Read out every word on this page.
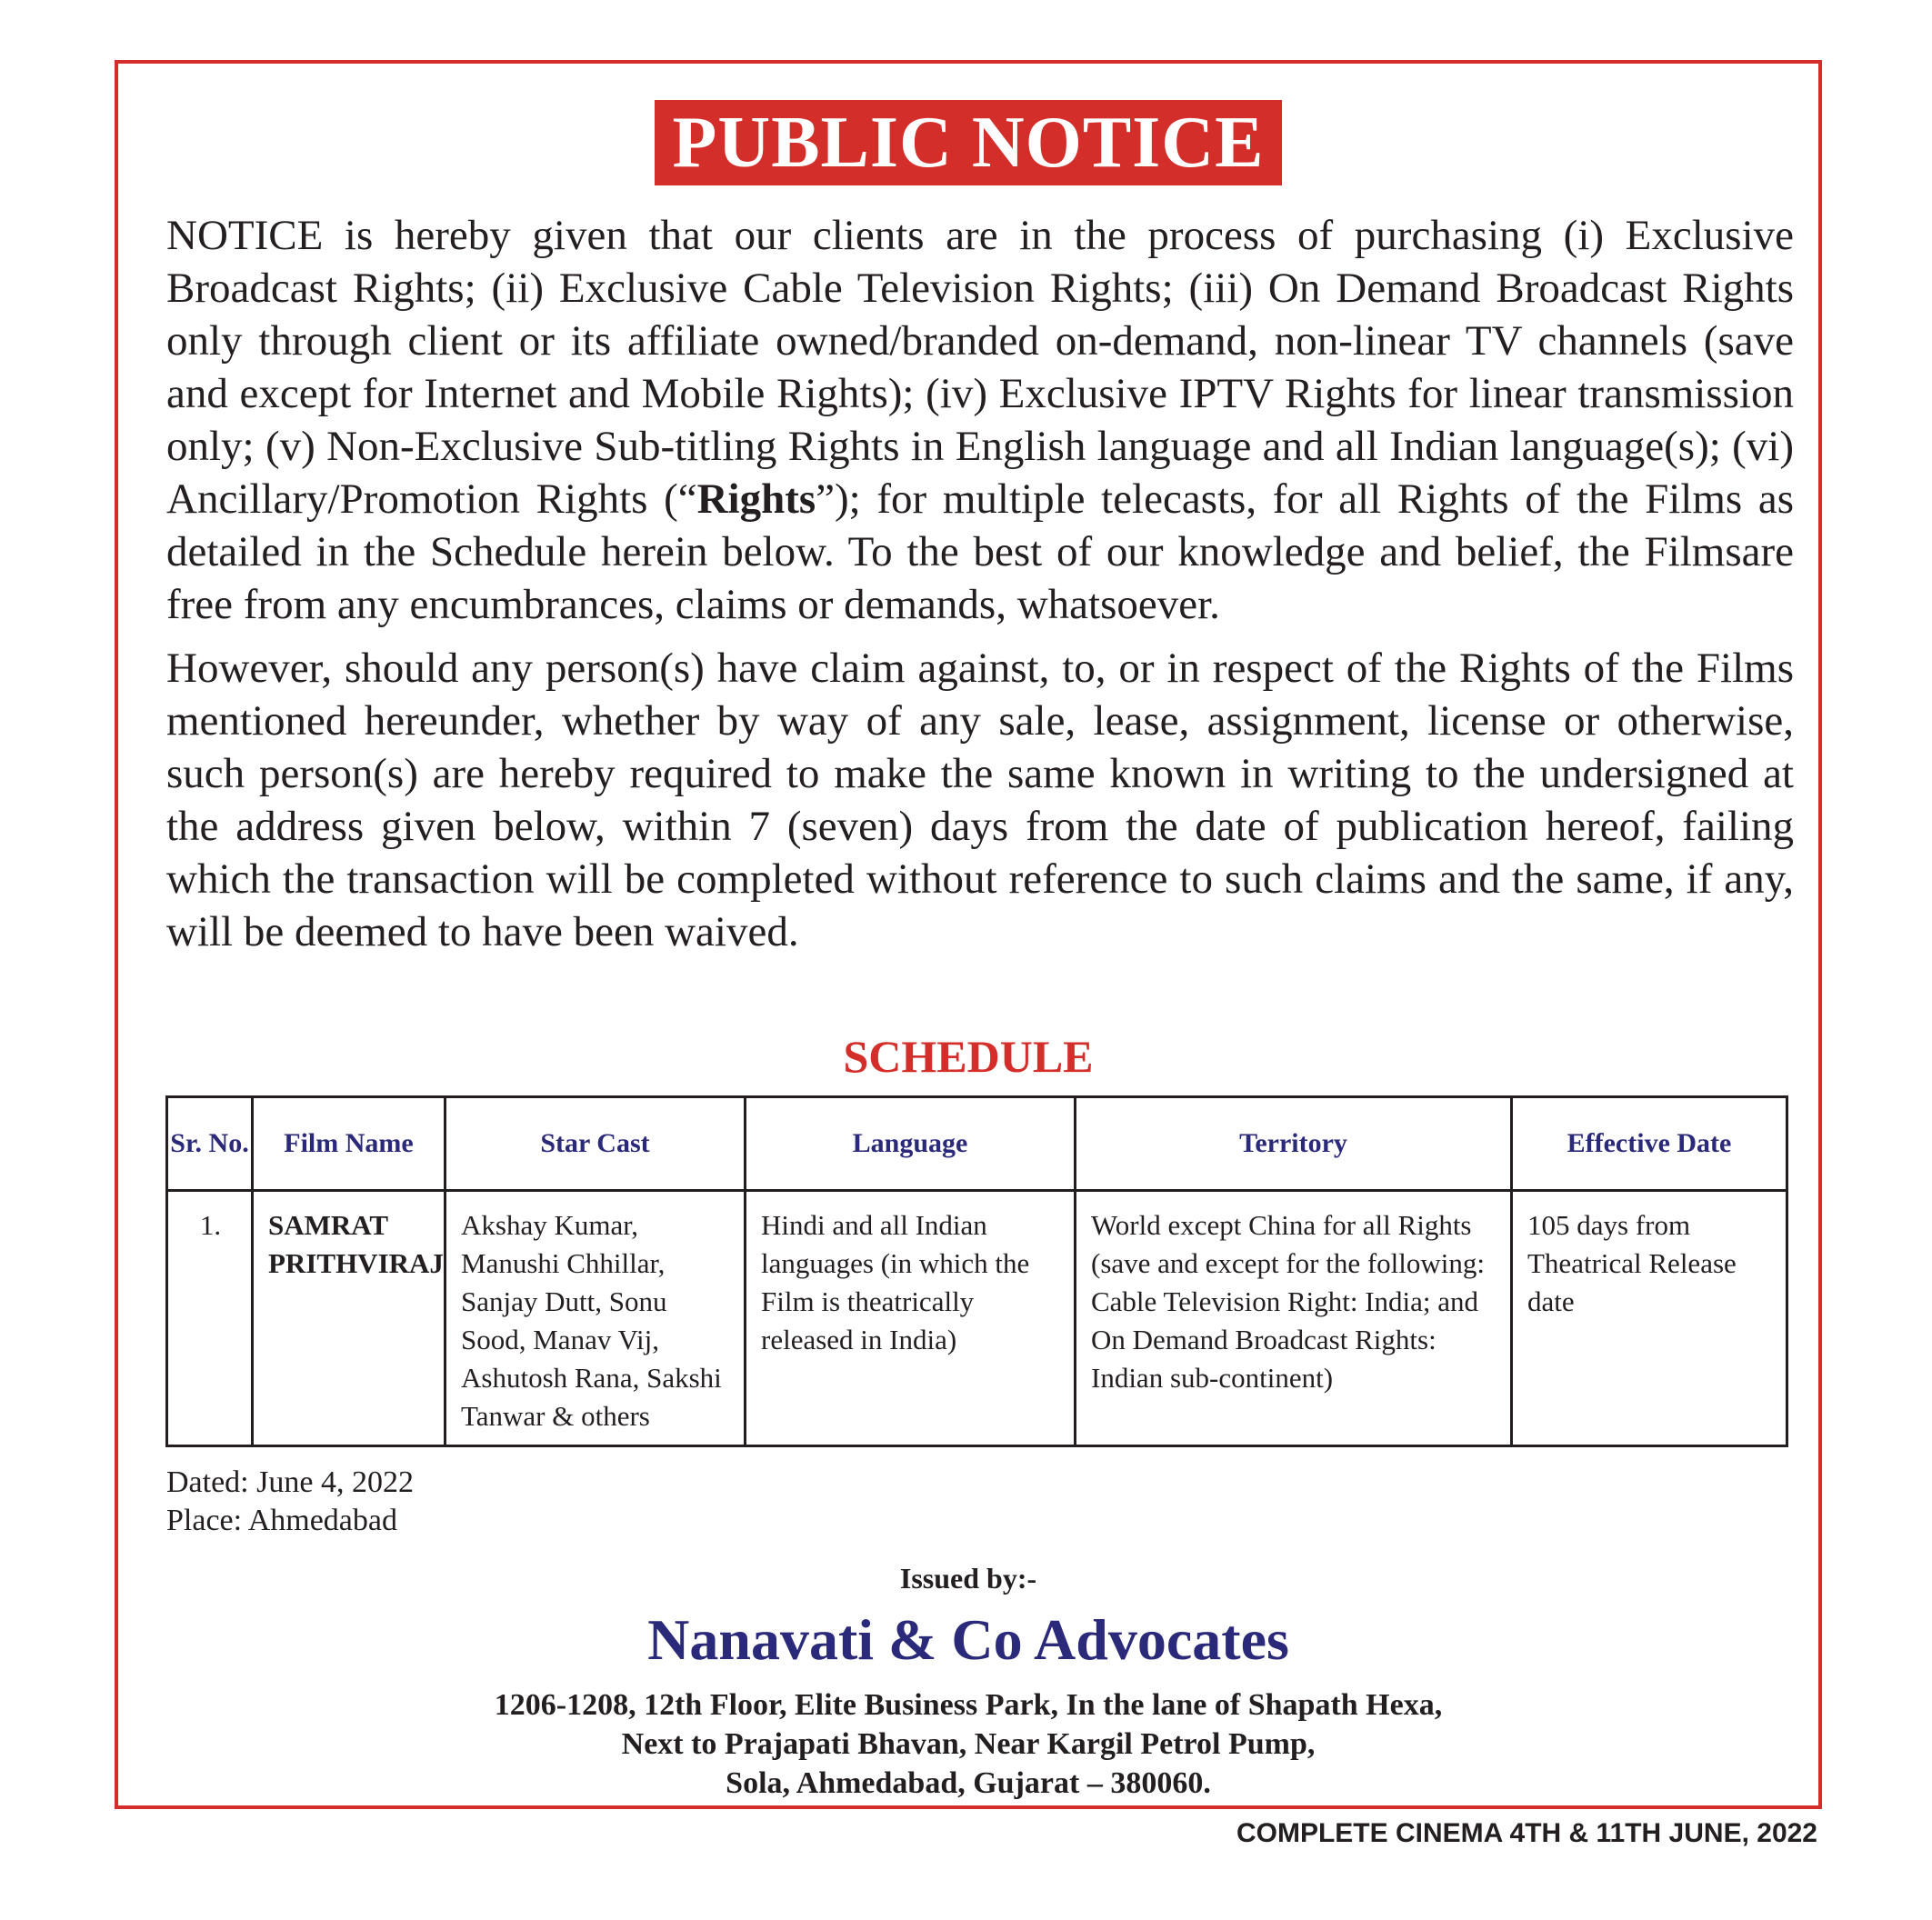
PUBLIC NOTICE

NOTICE is hereby given that our clients are in the process of purchasing (i) Exclusive Broadcast Rights; (ii) Exclusive Cable Television Rights; (iii) On Demand Broadcast Rights only through client or its affiliate owned/branded on-demand, non-linear TV channels (save and except for Internet and Mobile Rights); (iv) Exclusive IPTV Rights for linear transmission only; (v) Non-Exclusive Sub-titling Rights in English language and all Indian language(s); (vi) Ancillary/Promotion Rights (“Rights”); for multiple telecasts, for all Rights of the Films as detailed in the Schedule herein below. To the best of our knowledge and belief, the Filmsare free from any encumbrances, claims or demands, whatsoever.

However, should any person(s) have claim against, to, or in respect of the Rights of the Films mentioned hereunder, whether by way of any sale, lease, assignment, license or otherwise, such person(s) are hereby required to make the same known in writing to the undersigned at the address given below, within 7 (seven) days from the date of publication hereof, failing which the transaction will be completed without reference to such claims and the same, if any, will be deemed to have been waived.

SCHEDULE
Sr. No.	Film Name	Star Cast	Language	Territory	Effective Date
1.	SAMRAT PRITHVIRAJ	Akshay Kumar, Manushi Chhillar, Sanjay Dutt, Sonu Sood, Manav Vij, Ashutosh Rana, Sakshi Tanwar & others	Hindi and all Indian languages (in which the Film is theatrically released in India)	World except China for all Rights (save and except for the following: Cable Television Right: India; and On Demand Broadcast Rights: Indian sub-continent)	105 days from Theatrical Release date
Dated: June 4, 2022
Place: Ahmedabad
Issued by:-
Nanavati & Co Advocates
1206-1208, 12th Floor, Elite Business Park, In the lane of Shapath Hexa,
Next to Prajapati Bhavan, Near Kargil Petrol Pump,
Sola, Ahmedabad, Gujarat – 380060.
COMPLETE CINEMA 4TH & 11TH JUNE, 2022
